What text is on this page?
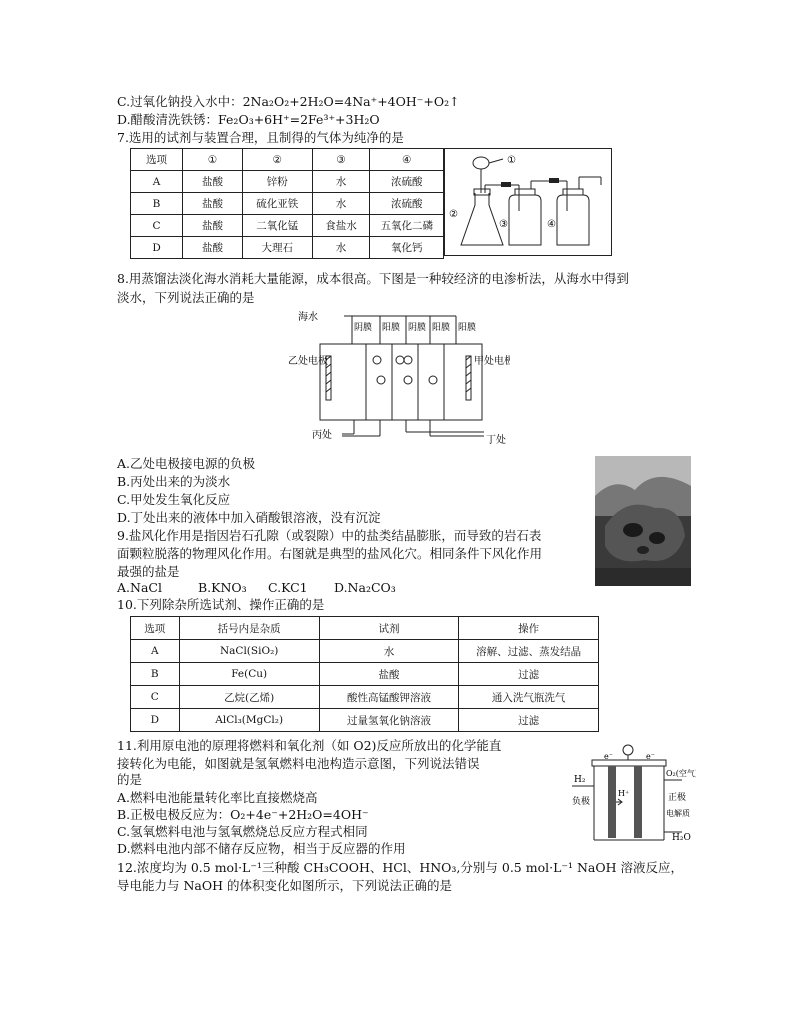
C.过氧化钠投入水中：2Na₂O₂+2H₂O=4Na⁺+4OH⁻+O₂↑
D.醋酸清洗铁锈：Fe₂O₃+6H⁺=2Fe³⁺+3H₂O
7.选用的试剂与装置合理，且制得的气体为纯净的是
选项	①	②	③	④
A	盐酸	锌粉	水	浓硫酸
B	盐酸	硫化亚铁	水	浓硫酸
C	盐酸	二氧化锰	食盐水	五氧化二磷
D	盐酸	大理石	水	氧化钙
①
②
③	④
8.用蒸馏法淡化海水消耗大量能源，成本很高。下图是一种较经济的电渗析法，从海水中得到
淡水，下列说法正确的是
海水
阴膜 阳膜 阴膜 阳膜 阳膜
乙处电极	甲处电极
丙处	丁处
A.乙处电极接电源的负极
B.丙处出来的为淡水
C.甲处发生氧化反应
D.丁处出来的液体中加入硝酸银溶液，没有沉淀
9.盐风化作用是指因岩石孔隙（或裂隙）中的盐类结晶膨胀，而导致的岩石表
面颗粒脱落的物理风化作用。右图就是典型的盐风化穴。相同条件下风化作用
最强的盐是
A.NaCl	B.KNO₃ C.KC1 D.Na₂CO₃
10.下列除杂所选试剂、操作正确的是
选项	括号内是杂质	试剂	操作
A	NaCl(SiO₂)	水	溶解、过滤、蒸发结晶
B	Fe(Cu)	盐酸	过滤
C	乙烷(乙烯)	酸性高锰酸钾溶液	通入洗气瓶洗气
D	AlCl₃(MgCl₂)	过量氢氧化钠溶液	过滤
11.利用原电池的原理将燃料和氧化剂（如 O2)反应所放出的化学能直
接转化为电能，如图就是氢氧燃料电池构造示意图，下列说法错误
的是
A.燃料电池能量转化率比直接燃烧高
B.正极电极反应为：O₂+4e⁻+2H₂O=4OH⁻
C.氢氧燃料电池与氢氧燃烧总反应方程式相同
D.燃料电池内部不储存反应物，相当于反应器的作用
H₂
e⁻	e⁻
O₂(空气)
负极
H⁺	正极
电解质
H₂O
12.浓度均为 0.5 mol·L⁻¹三种酸 CH₃COOH、HCl、HNO₃,分别与 0.5 mol·L⁻¹ NaOH 溶液反应，
导电能力与 NaOH 的体积变化如图所示，下列说法正确的是
